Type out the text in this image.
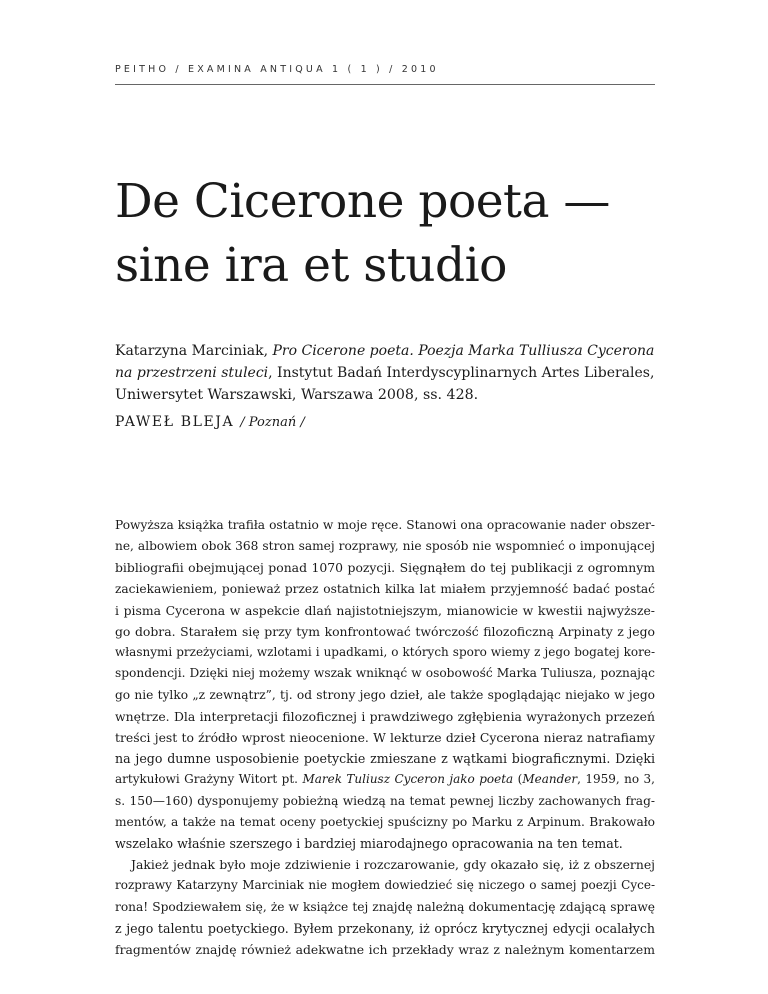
PEITHO / EXAMINA ANTIQUA 1 ( 1 ) / 2010
De Cicerone poeta —
sine ira et studio
Katarzyna Marciniak, Pro Cicerone poeta. Poezja Marka Tulliusza Cycerona
na przestrzeni stuleci, Instytut Badań Interdyscyplinarnych Artes Liberales,
Uniwersytet Warszawski, Warszawa 2008, ss. 428.
PAWEŁ BLEJA / Poznań /
Powyższa książka trafiła ostatnio w moje ręce. Stanowi ona opracowanie nader obszer-
ne, albowiem obok 368 stron samej rozprawy, nie sposób nie wspomnieć o imponującej
bibliografii obejmującej ponad 1070 pozycji. Sięgnąłem do tej publikacji z ogromnym
zaciekawieniem, ponieważ przez ostatnich kilka lat miałem przyjemność badać postać
i pisma Cycerona w aspekcie dlań najistotniejszym, mianowicie w kwestii najwyższe-
go dobra. Starałem się przy tym konfrontować twórczość filozoficzną Arpinaty z jego
własnymi przeżyciami, wzlotami i upadkami, o których sporo wiemy z jego bogatej kore-
spondencji. Dzięki niej możemy wszak wniknąć w osobowość Marka Tuliusza, poznając
go nie tylko „z zewnątrz”, tj. od strony jego dzieł, ale także spoglądając niejako w jego
wnętrze. Dla interpretacji filozoficznej i prawdziwego zgłębienia wyrażonych przezeń
treści jest to źródło wprost nieocenione. W lekturze dzieł Cycerona nieraz natrafiamy
na jego dumne usposobienie poetyckie zmieszane z wątkami biograficznymi. Dzięki
artykułowi Grażyny Witort pt. Marek Tuliusz Cyceron jako poeta (Meander, 1959, no 3,
s. 150—160) dysponujemy pobieżną wiedzą na temat pewnej liczby zachowanych frag-
mentów, a także na temat oceny poetyckiej spuścizny po Marku z Arpinum. Brakowało
wszelako właśnie szerszego i bardziej miarodajnego opracowania na ten temat.
Jakież jednak było moje zdziwienie i rozczarowanie, gdy okazało się, iż z obszernej
rozprawy Katarzyny Marciniak nie mogłem dowiedzieć się niczego o samej poezji Cyce-
rona! Spodziewałem się, że w książce tej znajdę należną dokumentację zdającą sprawę
z jego talentu poetyckiego. Byłem przekonany, iż oprócz krytycznej edycji ocalałych
fragmentów znajdę również adekwatne ich przekłady wraz z należnym komentarzem
